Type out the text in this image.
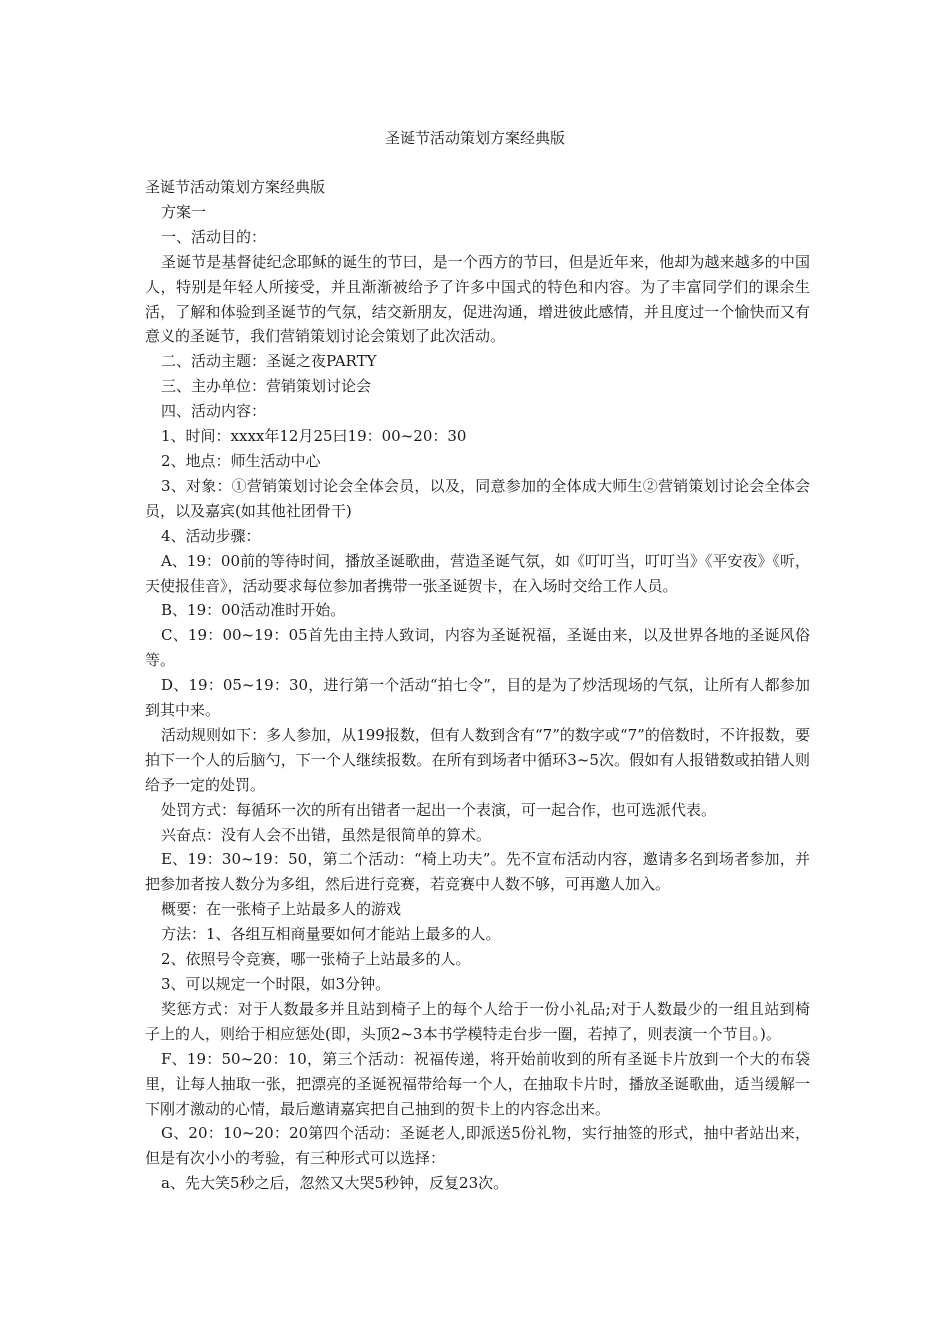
圣诞节活动策划方案经典版

圣诞节活动策划方案经典版

方案一

一、活动目的：

圣诞节是基督徒纪念耶稣的诞生的节曰，是一个西方的节曰，但是近年来，他却为越来越多的中国人，特别是年轻人所接受，并且渐渐被给予了许多中国式的特色和内容。为了丰富同学们的课余生活，了解和体验到圣诞节的气氛，结交新朋友，促进沟通，增进彼此感情，并且度过一个愉快而又有意义的圣诞节，我们营销策划讨论会策划了此次活动。

二、活动主题：圣诞之夜PARTY

三、主办单位：营销策划讨论会

四、活动内容：

1、时间：xxxx年12月25曰19：00~20：30

2、地点：师生活动中心

3、对象：①营销策划讨论会全体会员，以及，同意参加的全体成大师生②营销策划讨论会全体会员，以及嘉宾(如其他社团骨干)

4、活动步骤：

A、19：00前的等待时间，播放圣诞歌曲，营造圣诞气氛，如《叮叮当，叮叮当》《平安夜》《听，天使报佳音》，活动要求每位参加者携带一张圣诞贺卡，在入场时交给工作人员。

B、19：00活动准时开始。

C、19：00~19：05首先由主持人致词，内容为圣诞祝福，圣诞由来，以及世界各地的圣诞风俗等。

D、19：05~19：30，进行第一个活动“拍七令”，目的是为了炒活现场的气氛，让所有人都参加到其中来。

活动规则如下：多人参加，从199报数，但有人数到含有“7”的数字或“7”的倍数时，不许报数，要拍下一个人的后脑勺，下一个人继续报数。在所有到场者中循环3~5次。假如有人报错数或拍错人则给予一定的处罚。

处罚方式：每循环一次的所有出错者一起出一个表演，可一起合作，也可选派代表。

兴奋点：没有人会不出错，虽然是很简单的算术。

E、19：30~19：50，第二个活动：“椅上功夫”。先不宣布活动内容，邀请多名到场者参加，并把参加者按人数分为多组，然后进行竞赛，若竞赛中人数不够，可再邀人加入。

概要：在一张椅子上站最多人的游戏

方法：1、各组互相商量要如何才能站上最多的人。

2、依照号令竞赛，哪一张椅子上站最多的人。

3、可以规定一个时限，如3分钟。

奖惩方式：对于人数最多并且站到椅子上的每个人给于一份小礼品;对于人数最少的一组且站到椅子上的人，则给于相应惩处(即，头顶2~3本书学模特走台步一圈，若掉了，则表演一个节目。)。

F、19：50~20：10，第三个活动：祝福传递，将开始前收到的所有圣诞卡片放到一个大的布袋里，让每人抽取一张，把漂亮的圣诞祝福带给每一个人，在抽取卡片时，播放圣诞歌曲，适当缓解一下刚才激动的心情，最后邀请嘉宾把自己抽到的贺卡上的内容念出来。

G、20：10~20：20第四个活动：圣诞老人,即派送5份礼物，实行抽签的形式，抽中者站出来，但是有次小小的考验，有三种形式可以选择：

a、先大笑5秒之后，忽然又大哭5秒钟，反复23次。
